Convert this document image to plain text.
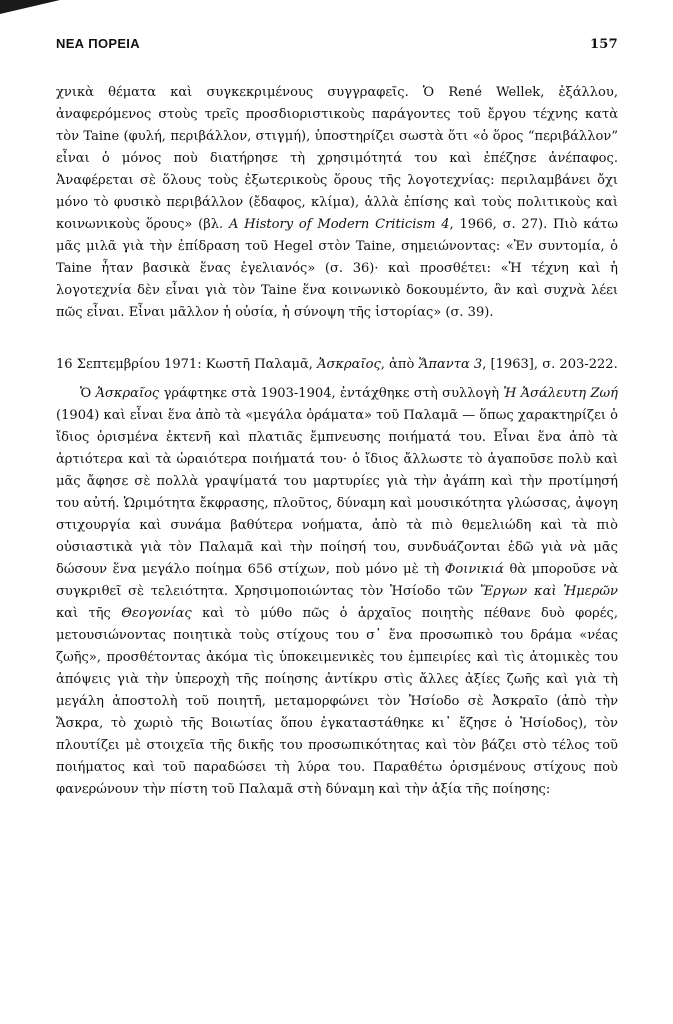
ΝΕΑ ΠΟΡΕΙΑ	157

χνικὰ θέματα καὶ συγκεκριμένους συγγραφεῖς. Ὁ René Wellek, ἐξάλλου, ἀναφερόμενος στοὺς τρεῖς προσδιοριστικοὺς παράγοντες τοῦ ἔργου τέχνης κατὰ τὸν Taine (φυλή, περιβάλλον, στιγμή), ὑποστηρίζει σωστὰ ὅτι «ὁ ὅρος “περιβάλλον” εἶναι ὁ μόνος ποὺ διατήρησε τὴ χρησιμότητά του καὶ ἐπέζησε ἀνέπαφος. Ἀναφέρεται σὲ ὅλους τοὺς ἐξωτερικοὺς ὅρους τῆς λογοτεχνίας: περιλαμβάνει ὄχι μόνο τὸ φυσικὸ περιβάλλον (ἔδαφος, κλίμα), ἀλλὰ ἐπίσης καὶ τοὺς πολιτικοὺς καὶ κοινωνικοὺς ὅρους» (βλ. A History of Modern Criticism 4, 1966, σ. 27). Πιὸ κάτω μᾶς μιλᾶ γιὰ τὴν ἐπίδραση τοῦ Hegel στὸν Taine, σημειώνοντας: «Ἐν συντομία, ὁ Taine ἦταν βασικὰ ἕνας ἑγελιανός» (σ. 36)· καὶ προσθέτει: «Ἡ τέχνη καὶ ἡ λογοτεχνία δὲν εἶναι γιὰ τὸν Taine ἕνα κοινωνικὸ δοκουμέντο, ἂν καὶ συχνὰ λέει πῶς εἶναι. Εἶναι μᾶλλον ἡ οὐσία, ἡ σύνοψη τῆς ἱστορίας» (σ. 39).

16 Σεπτεμβρίου 1971: Κωστῆ Παλαμᾶ, Ἀσκραῖος, ἀπὸ Ἅπαντα 3, [1963], σ. 203-222.

Ὁ Ἀσκραῖος γράφτηκε στὰ 1903-1904, ἐντάχθηκε στὴ συλλογὴ Ἡ Ἀσάλευτη Ζωή (1904) καὶ εἶναι ἕνα ἀπὸ τὰ «μεγάλα ὁράματα» τοῦ Παλαμᾶ — ὅπως χαρακτηρίζει ὁ ἴδιος ὁρισμένα ἐκτενῆ καὶ πλατιᾶς ἔμπνευσης ποιήματά του. Εἶναι ἕνα ἀπὸ τὰ ἀρτιότερα καὶ τὰ ὡραιότερα ποιήματά του· ὁ ἴδιος ἄλλωστε τὸ ἀγαποῦσε πολὺ καὶ μᾶς ἄφησε σὲ πολλὰ γραψίματά του μαρτυρίες γιὰ τὴν ἀγάπη καὶ τὴν προτίμησή του αὐτή. Ὡριμότητα ἔκφρασης, πλοῦτος, δύναμη καὶ μουσικότητα γλώσσας, ἀψογη στιχουργία καὶ συνάμα βαθύτερα νοήματα, ἀπὸ τὰ πιὸ θεμελιώδη καὶ τὰ πιὸ οὐσιαστικὰ γιὰ τὸν Παλαμᾶ καὶ τὴν ποίησή του, συνδυάζονται ἐδῶ γιὰ νὰ μᾶς δώσουν ἕνα μεγάλο ποίημα 656 στίχων, ποὺ μόνο μὲ τὴ Φοινικιά θὰ μποροῦσε νὰ συγκριθεῖ σὲ τελειότητα. Χρησιμοποιώντας τὸν Ἡσίοδο τῶν Ἔργων καὶ Ἡμερῶν καὶ τῆς Θεογονίας καὶ τὸ μύθο πῶς ὁ ἀρχαῖος ποιητὴς πέθανε δυὸ φορές, μετουσιώνοντας ποιητικὰ τοὺς στίχους του σ᾽ ἕνα προσωπικὸ του δράμα «νέας ζωῆς», προσθέτοντας ἀκόμα τὶς ὑποκειμενικὲς του ἐμπειρίες καὶ τὶς ἀτομικὲς του ἀπόψεις γιὰ τὴν ὑπεροχὴ τῆς ποίησης ἀντίκρυ στὶς ἄλλες ἀξίες ζωῆς καὶ γιὰ τὴ μεγάλη ἀποστολὴ τοῦ ποιητῆ, μεταμορφώνει τὸν Ἡσίοδο σὲ Ἀσκραῖο (ἀπὸ τὴν Ἄσκρα, τὸ χωριὸ τῆς Βοιωτίας ὅπου ἐγκαταστάθηκε κι᾽ ἔζησε ὁ Ἡσίοδος), τὸν πλουτίζει μὲ στοιχεῖα τῆς δικῆς του προσωπικότητας καὶ τὸν βάζει στὸ τέλος τοῦ ποιήματος καὶ τοῦ παραδώσει τὴ λύρα του. Παραθέτω ὁρισμένους στίχους ποὺ φανερώνουν τὴν πίστη τοῦ Παλαμᾶ στὴ δύναμη καὶ τὴν ἀξία τῆς ποίησης:
